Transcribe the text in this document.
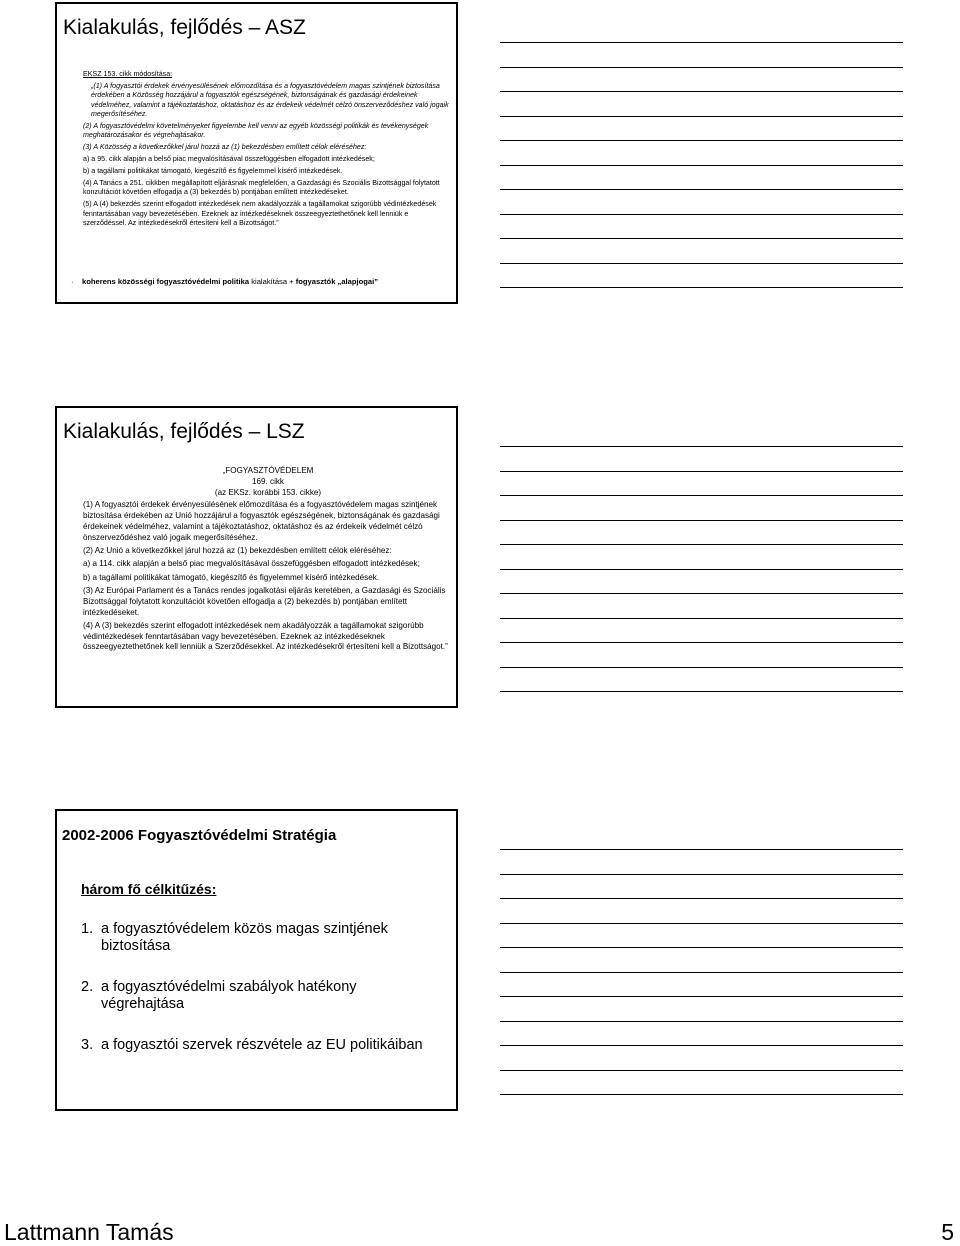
Kialakulás, fejlődés – ASZ

EKSZ 153. cikk módosítása:

„(1) A fogyasztói érdekek érvényesülésének előmozdítása és a fogyasztóvédelem magas szintjének biztosítása érdekében a Közösség hozzájárul a fogyasztók egészségének, biztonságának és gazdasági érdekeinek védelméhez, valamint a tájékoztatáshoz, oktatáshoz és az érdekeik védelmét célzó önszerveződéshez való jogaik megerősítéséhez.

(2) A fogyasztóvédelmi követelményeket figyelembe kell venni az egyéb közösségi politikák és tevékenységek meghatározásakor és végrehajtásakor.

(3) A Közösség a következőkkel járul hozzá az (1) bekezdésben említett célok eléréséhez:

a) a 95. cikk alapján a belső piac megvalósításával összefüggésben elfogadott intézkedések;

b) a tagállami politikákat támogató, kiegészítő és figyelemmel kísérő intézkedések.

(4) A Tanács a 251. cikkben megállapított eljárásnak megfelelően, a Gazdasági és Szociális Bizottsággal folytatott konzultációt követően elfogadja a (3) bekezdés b) pontjában említett intézkedéseket.

(5) A (4) bekezdés szerint elfogadott intézkedések nem akadályozzák a tagállamokat szigorúbb védintézkedések fenntartásában vagy bevezetésében. Ezeknek az intézkedéseknek összeegyeztethetőnek kell lenniük e szerződéssel. Az intézkedésekről értesíteni kell a Bizottságot.”

·    koherens közösségi fogyasztóvédelmi politika kialakítása + fogyasztók „alapjogai”
Kialakulás, fejlődés – LSZ
„FOGYASZTÓVÉDELEM
169. cikk
(az EKSz. korábbi 153. cikke)

(1) A fogyasztói érdekek érvényesülésének előmozdítása és a fogyasztóvédelem magas szintjének biztosítása érdekében az Unió hozzájárul a fogyasztók egészségének, biztonságának és gazdasági érdekeinek védelméhez, valamint a tájékoztatáshoz, oktatáshoz és az érdekeik védelmét célzó önszerveződéshez való jogaik megerősítéséhez.

(2) Az Unió a következőkkel járul hozzá az (1) bekezdésben említett célok eléréséhez:

a) a 114. cikk alapján a belső piac megvalósításával összefüggésben elfogadott intézkedések;

b) a tagállami politikákat támogató, kiegészítő és figyelemmel kísérő intézkedések.

(3) Az Európai Parlament és a Tanács rendes jogalkotási eljárás keretében, a Gazdasági és Szociális Bizottsággal folytatott konzultációt követően elfogadja a (2) bekezdés b) pontjában említett intézkedéseket.

(4) A (3) bekezdés szerint elfogadott intézkedések nem akadályozzák a tagállamokat szigorúbb védintézkedések fenntartásában vagy bevezetésében. Ezeknek az intézkedéseknek összeegyeztethetőnek kell lenniük a Szerződésekkel. Az intézkedésekről értesíteni kell a Bizottságot.”

2002-2006 Fogyasztóvédelmi Stratégia
három fő célkitűzés:
1. a fogyasztóvédelem közös magas szintjének biztosítása
2. a fogyasztóvédelmi szabályok hatékony végrehajtása
3. a fogyasztói szervek részvétele az EU politikáiban
Lattmann Tamás	5
